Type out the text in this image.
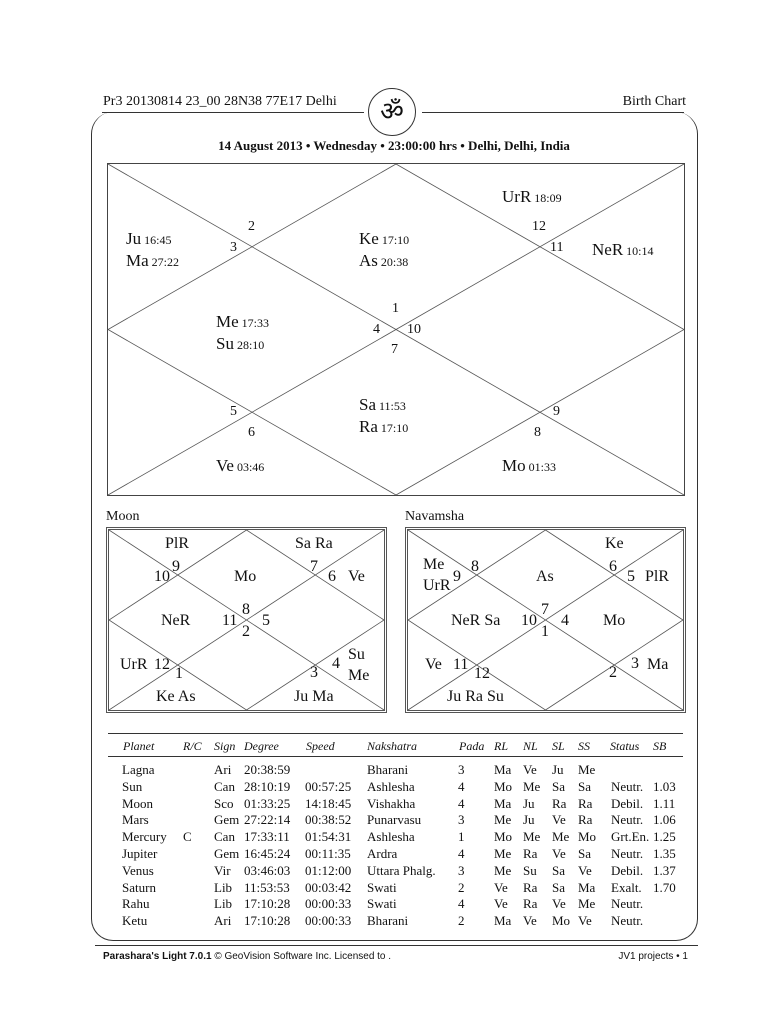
Pr3 20130814 23_00 28N38 77E17 Delhi	Birth Chart
ॐ
14 August 2013 • Wednesday • 23:00:00 hrs • Delhi, Delhi, India
1
2
3
4
5
6
7
8
9
10
11
12
Ke 17:10
As 20:38
Ju 16:45
Ma 27:22
Me 17:33
Su 28:10
Ve 03:46
Sa 11:53
Ra 17:10
Mo 01:33
NeR 10:14
UrR 18:09
Moon
8
9
10
11
12
1
2
3
4
5
6
7
Mo
PlR
NeR
UrR
Ke As	Ju Ma
Su
Me
Ve
Sa Ra
Navamsha
7
8
9
10
11
12
1
2
3
4
5
6
As
Me
UrR
NeR Sa
Ve
Ju Ra Su
Ma
Mo
PlR
Ke
Planet R/C Sign Degree Speed	Nakshatra	Pada RL NL SL SS Status SB
Lagna	Ari 20:38:59	Bharani	3 Ma Ve Ju Me
Sun	Can 28:10:19 00:57:25 Ashlesha	4 Mo Me Sa Sa Neutr. 1.03
Moon	Sco 01:33:25 14:18:45 Vishakha	4 Ma Ju Ra Ra Debil. 1.11
Mars	Gem 27:22:14 00:38:52 Punarvasu	3 Me Ju Ve Ra Neutr. 1.06
Mercury C Can 17:33:11 01:54:31 Ashlesha	1 Mo Me Me Mo Grt.En. 1.25
Jupiter	Gem 16:45:24 00:11:35 Ardra	4 Me Ra Ve Sa Neutr. 1.35
Venus	Vir 03:46:03 01:12:00 Uttara Phalg. 3 Me Su Sa Ve Debil. 1.37
Saturn	Lib 11:53:53 00:03:42 Swati	2 Ve Ra Sa Ma Exalt. 1.70
Rahu	Lib 17:10:28 00:00:33 Swati	4 Ve Ra Ve Me Neutr.
Ketu	Ari 17:10:28 00:00:33 Bharani	2 Ma Ve Mo Ve Neutr.
Parashara's Light 7.0.1 © GeoVision Software Inc. Licensed to .	JV1 projects • 1
